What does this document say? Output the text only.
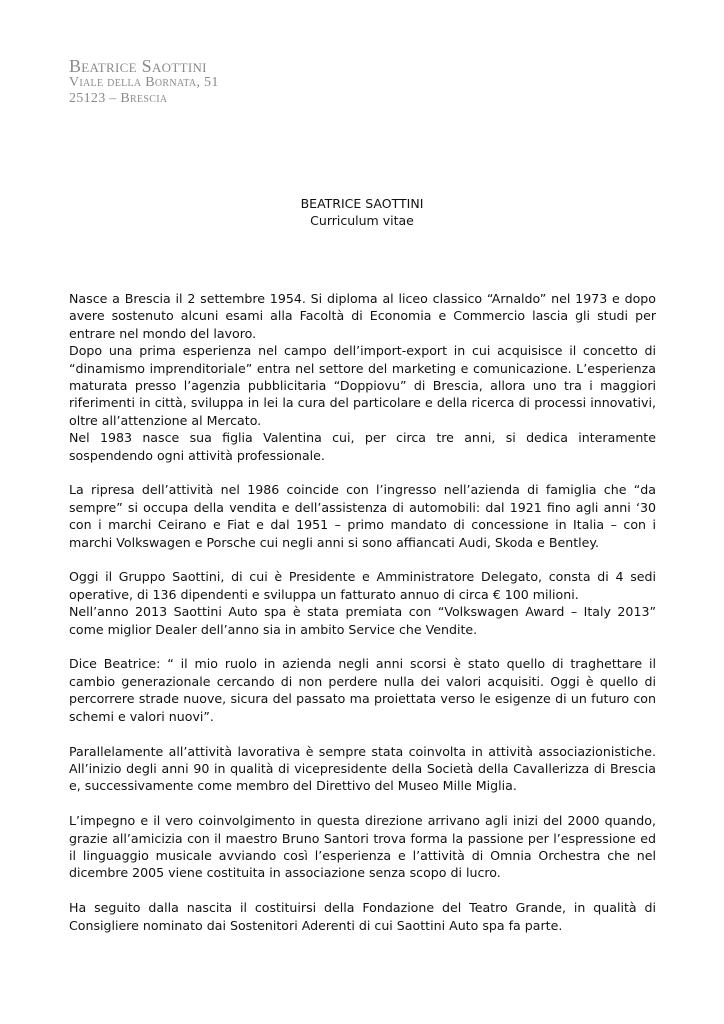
Beatrice Saottini
Viale della Bornata, 51
25123 – Brescia
BEATRICE SAOTTINI
Curriculum vitae

Nasce a Brescia il 2 settembre 1954. Si diploma al liceo classico “Arnaldo” nel 1973 e dopo avere sostenuto alcuni esami alla Facoltà di Economia e Commercio lascia gli studi per entrare nel mondo del lavoro.

Dopo una prima esperienza nel campo dell’import-export in cui acquisisce il concetto di “dinamismo imprenditoriale” entra nel settore del marketing e comunicazione. L’esperienza maturata presso l’agenzia pubblicitaria “Doppiovu” di Brescia, allora uno tra i maggiori riferimenti in città, sviluppa in lei la cura del particolare e della ricerca di processi innovativi, oltre all’attenzione al Mercato.

Nel 1983 nasce sua figlia Valentina cui, per circa tre anni, si dedica interamente sospendendo ogni attività professionale.

La ripresa dell’attività nel 1986 coincide con l’ingresso nell’azienda di famiglia che “da sempre” si occupa della vendita e dell’assistenza di automobili: dal 1921 fino agli anni ‘30 con i marchi Ceirano e Fiat e dal 1951 – primo mandato di concessione in Italia – con i marchi Volkswagen e Porsche cui negli anni si sono affiancati Audi, Skoda e Bentley.

Oggi il Gruppo Saottini, di cui è Presidente e Amministratore Delegato, consta di 4 sedi operative, di 136 dipendenti e sviluppa un fatturato annuo di circa € 100 milioni.

Nell’anno 2013 Saottini Auto spa è stata premiata con “Volkswagen Award – Italy 2013” come miglior Dealer dell’anno sia in ambito Service che Vendite.

Dice Beatrice: “ il mio ruolo in azienda negli anni scorsi è stato quello di traghettare il cambio generazionale cercando di non perdere nulla dei valori acquisiti. Oggi è quello di percorrere strade nuove, sicura del passato ma proiettata verso le esigenze di un futuro con schemi e valori nuovi”.

Parallelamente all’attività lavorativa è sempre stata coinvolta in attività associazionistiche. All’inizio degli anni 90 in qualità di vicepresidente della Società della Cavallerizza di Brescia e, successivamente come membro del Direttivo del Museo Mille Miglia.

L’impegno e il vero coinvolgimento in questa direzione arrivano agli inizi del 2000 quando, grazie all’amicizia con il maestro Bruno Santori trova forma la passione per l’espressione ed il linguaggio musicale avviando così l’esperienza e l’attività di Omnia Orchestra che nel dicembre 2005 viene costituita in associazione senza scopo di lucro.

Ha seguito dalla nascita il costituirsi della Fondazione del Teatro Grande, in qualità di Consigliere nominato dai Sostenitori Aderenti di cui Saottini Auto spa fa parte.
